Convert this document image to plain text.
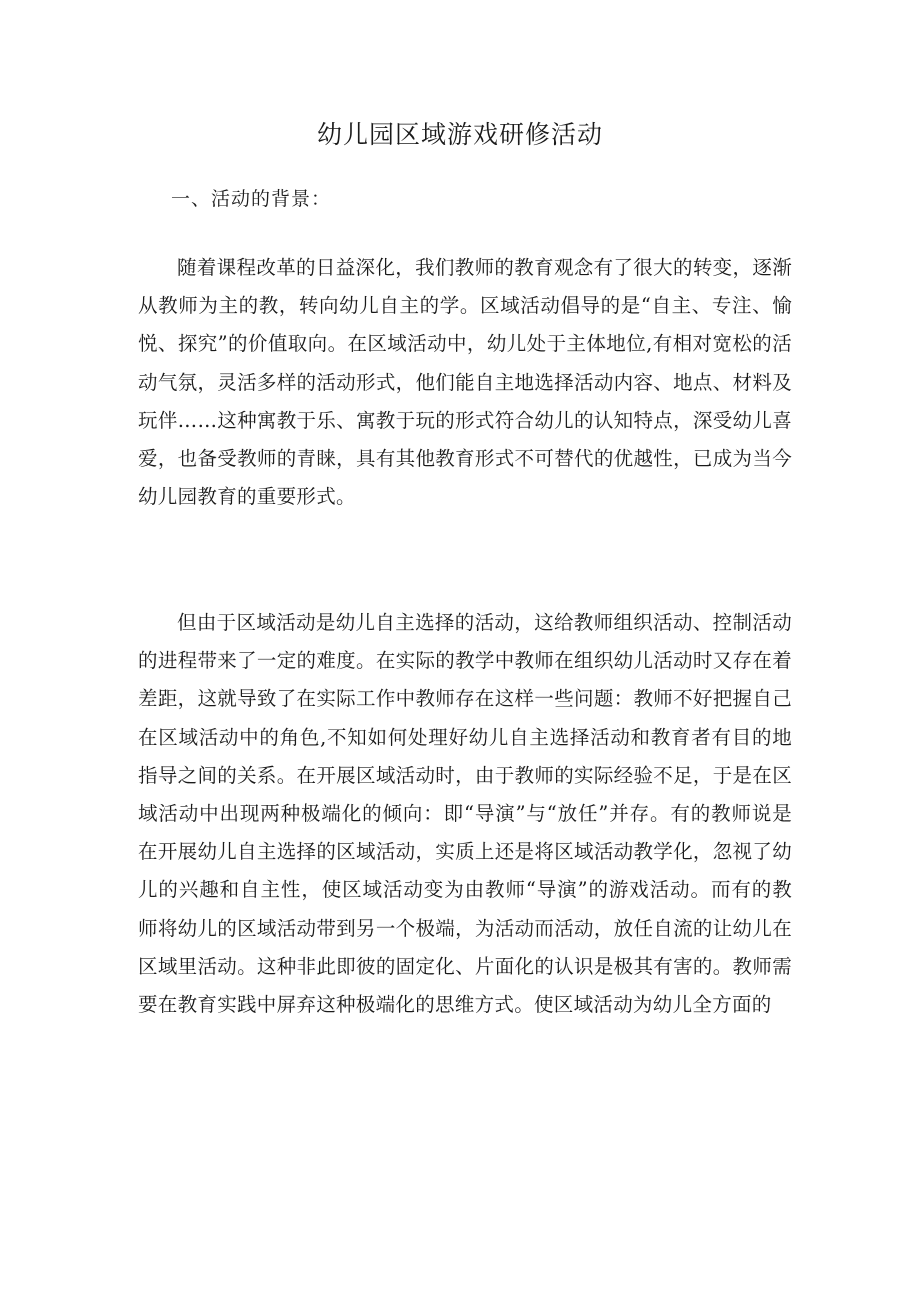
幼儿园区域游戏研修活动
一、活动的背景：

随着课程改革的日益深化，我们教师的教育观念有了很大的转变，逐渐从教师为主的教，转向幼儿自主的学。区域活动倡导的是“自主、专注、愉悦、探究”的价值取向。在区域活动中，幼儿处于主体地位,有相对宽松的活动气氛，灵活多样的活动形式，他们能自主地选择活动内容、地点、材料及玩伴……这种寓教于乐、寓教于玩的形式符合幼儿的认知特点，深受幼儿喜爱，也备受教师的青睐，具有其他教育形式不可替代的优越性，已成为当今幼儿园教育的重要形式。

但由于区域活动是幼儿自主选择的活动，这给教师组织活动、控制活动的进程带来了一定的难度。在实际的教学中教师在组织幼儿活动时又存在着差距，这就导致了在实际工作中教师存在这样一些问题：教师不好把握自己在区域活动中的角色,不知如何处理好幼儿自主选择活动和教育者有目的地指导之间的关系。在开展区域活动时，由于教师的实际经验不足，于是在区域活动中出现两种极端化的倾向：即“导演”与“放任”并存。有的教师说是在开展幼儿自主选择的区域活动，实质上还是将区域活动教学化，忽视了幼儿的兴趣和自主性，使区域活动变为由教师“导演”的游戏活动。而有的教师将幼儿的区域活动带到另一个极端，为活动而活动，放任自流的让幼儿在区域里活动。这种非此即彼的固定化、片面化的认识是极其有害的。教师需要在教育实践中屏弃这种极端化的思维方式。使区域活动为幼儿全方面的
